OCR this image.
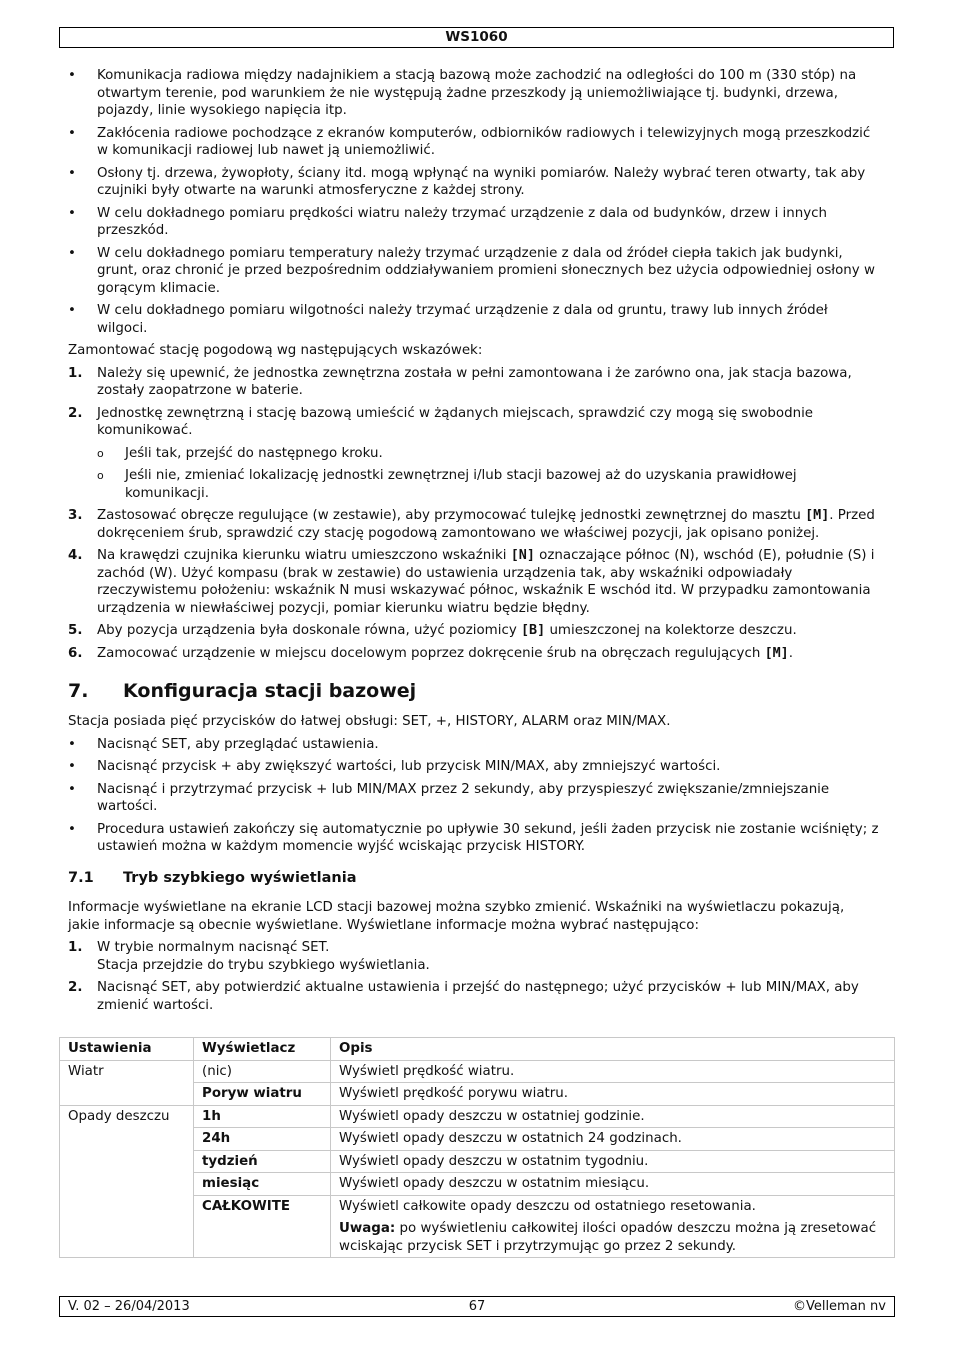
WS1060
• Komunikacja radiowa między nadajnikiem a stacją bazową może zachodzić na odległości do 100 m (330 stóp) na otwartym terenie, pod warunkiem że nie występują żadne przeszkody ją uniemożliwiające tj. budynki, drzewa, pojazdy, linie wysokiego napięcia itp.
• Zakłócenia radiowe pochodzące z ekranów komputerów, odbiorników radiowych i telewizyjnych mogą przeszkodzić w komunikacji radiowej lub nawet ją uniemożliwić.
• Osłony tj. drzewa, żywopłoty, ściany itd. mogą wpłynąć na wyniki pomiarów. Należy wybrać teren otwarty, tak aby czujniki były otwarte na warunki atmosferyczne z każdej strony.
• W celu dokładnego pomiaru prędkości wiatru należy trzymać urządzenie z dala od budynków, drzew i innych przeszkód.
• W celu dokładnego pomiaru temperatury należy trzymać urządzenie z dala od źródeł ciepła takich jak budynki, grunt, oraz chronić je przed bezpośrednim oddziaływaniem promieni słonecznych bez użycia odpowiedniej osłony w gorącym klimacie.
• W celu dokładnego pomiaru wilgotności należy trzymać urządzenie z dala od gruntu, trawy lub innych źródeł wilgoci.
Zamontować stację pogodową wg następujących wskazówek:
1. Należy się upewnić, że jednostka zewnętrzna została w pełni zamontowana i że zarówno ona, jak stacja bazowa, zostały zaopatrzone w baterie.
2. Jednostkę zewnętrzną i stację bazową umieścić w żądanych miejscach, sprawdzić czy mogą się swobodnie komunikować.
o Jeśli tak, przejść do następnego kroku.
o Jeśli nie, zmieniać lokalizację jednostki zewnętrznej i/lub stacji bazowej aż do uzyskania prawidłowej komunikacji.
3. Zastosować obręcze regulujące (w zestawie), aby przymocować tulejkę jednostki zewnętrznej do masztu [M]. Przed dokręceniem śrub, sprawdzić czy stację pogodową zamontowano we właściwej pozycji, jak opisano poniżej.
4. Na krawędzi czujnika kierunku wiatru umieszczono wskaźniki [N] oznaczające północ (N), wschód (E), południe (S) i zachód (W). Użyć kompasu (brak w zestawie) do ustawienia urządzenia tak, aby wskaźniki odpowiadały rzeczywistemu położeniu: wskaźnik N musi wskazywać północ, wskaźnik E wschód itd. W przypadku zamontowania urządzenia w niewłaściwej pozycji, pomiar kierunku wiatru będzie błędny.
5. Aby pozycja urządzenia była doskonale równa, użyć poziomicy [B] umieszczonej na kolektorze deszczu.
6. Zamocować urządzenie w miejscu docelowym poprzez dokręcenie śrub na obręczach regulujących [M].
7. Konfiguracja stacji bazowej
Stacja posiada pięć przycisków do łatwej obsługi: SET, +, HISTORY, ALARM oraz MIN/MAX.
• Nacisnąć SET, aby przeglądać ustawienia.
• Nacisnąć przycisk + aby zwiększyć wartości, lub przycisk MIN/MAX, aby zmniejszyć wartości.
• Nacisnąć i przytrzymać przycisk + lub MIN/MAX przez 2 sekundy, aby przyspieszyć zwiększanie/zmniejszanie wartości.
• Procedura ustawień zakończy się automatycznie po upływie 30 sekund, jeśli żaden przycisk nie zostanie wciśnięty; z ustawień można w każdym momencie wyjść wciskając przycisk HISTORY.
7.1 Tryb szybkiego wyświetlania
Informacje wyświetlane na ekranie LCD stacji bazowej można szybko zmienić. Wskaźniki na wyświetlaczu pokazują, jakie informacje są obecnie wyświetlane. Wyświetlane informacje można wybrać następująco:
1. W trybie normalnym nacisnąć SET.
Stacja przejdzie do trybu szybkiego wyświetlania.
2. Nacisnąć SET, aby potwierdzić aktualne ustawienia i przejść do następnego; użyć przycisków + lub MIN/MAX, aby zmienić wartości.
Ustawienia	Wyświetlacz	Opis
Wiatr	(nic)	Wyświetl prędkość wiatru.
	Poryw wiatru	Wyświetl prędkość porywu wiatru.
Opady deszczu	1h	Wyświetl opady deszczu w ostatniej godzinie.
	24h	Wyświetl opady deszczu w ostatnich 24 godzinach.
	tydzień	Wyświetl opady deszczu w ostatnim tygodniu.
	miesiąc	Wyświetl opady deszczu w ostatnim miesiącu.
	CAŁKOWITE	Wyświetl całkowite opady deszczu od ostatniego resetowania.
Uwaga: po wyświetleniu całkowitej ilości opadów deszczu można ją zresetować wciskając przycisk SET i przytrzymując go przez 2 sekundy.
V. 02 – 26/04/2013	67	©Velleman nv
